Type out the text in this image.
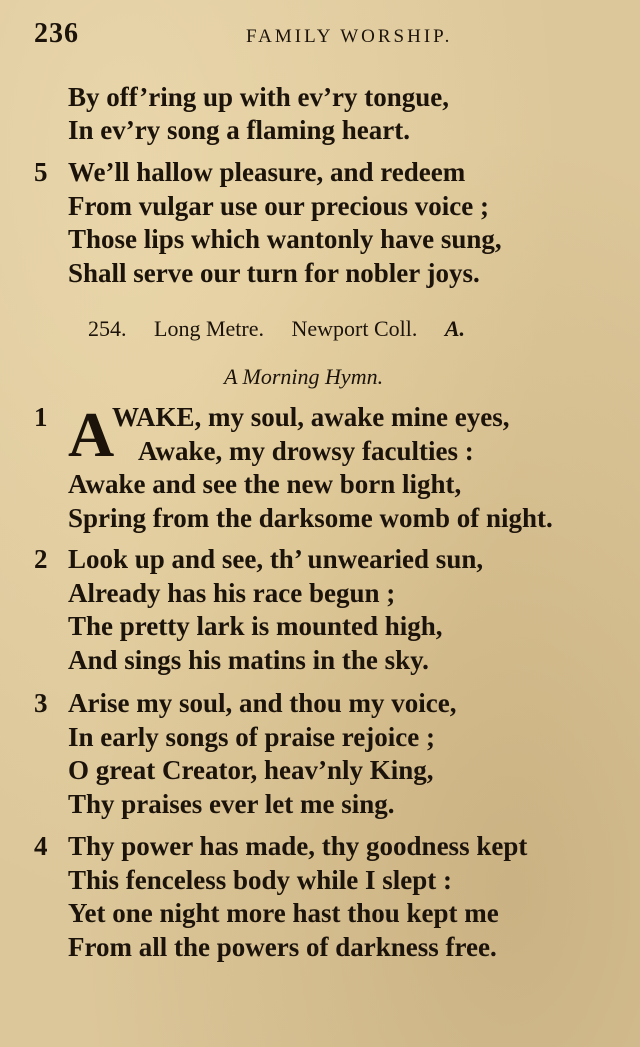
236	FAMILY WORSHIP.
By off’ring up with ev’ry tongue,
In ev’ry song a flaming heart.
5 We’ll hallow pleasure, and redeem
From vulgar use our precious voice ;
Those lips which wantonly have sung,
Shall serve our turn for nobler joys.
254. Long Metre. Newport Coll. A.
A Morning Hymn.
1 A
WAKE, my soul, awake mine eyes,
Awake, my drowsy faculties :
Awake and see the new born light,
Spring from the darksome womb of night.
2 Look up and see, th’ unwearied sun,
Already has his race begun ;
The pretty lark is mounted high,
And sings his matins in the sky.
3 Arise my soul, and thou my voice,
In early songs of praise rejoice ;
O great Creator, heav’nly King,
Thy praises ever let me sing.
4 Thy power has made, thy goodness kept
This fenceless body while I slept :
Yet one night more hast thou kept me
From all the powers of darkness free.
